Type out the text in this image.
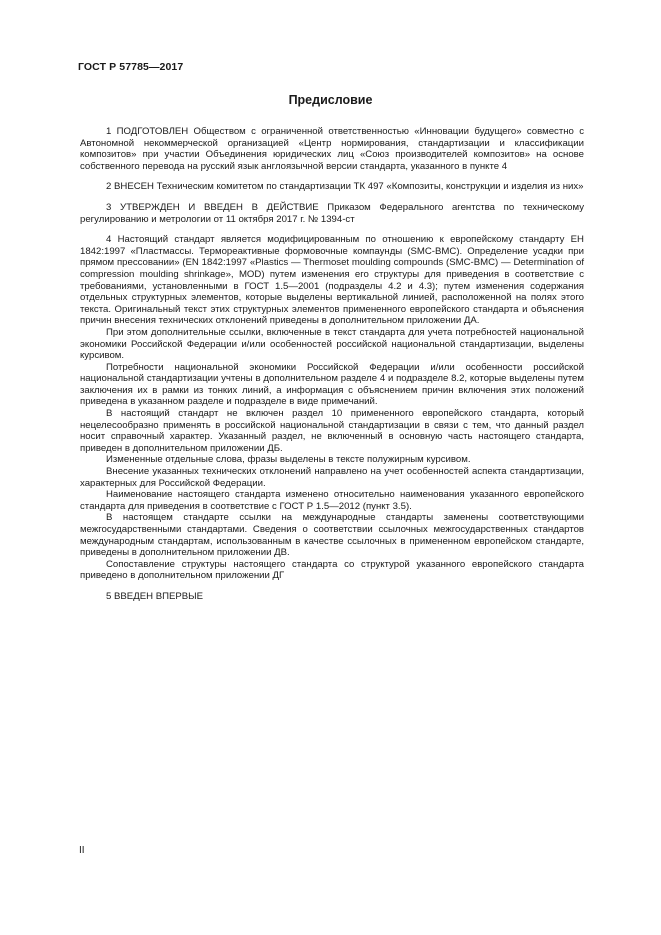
ГОСТ Р 57785—2017
Предисловие

1 ПОДГОТОВЛЕН Обществом с ограниченной ответственностью «Инновации будущего» совместно с Автономной некоммерческой организацией «Центр нормирования, стандартизации и классификации композитов» при участии Объединения юридических лиц «Союз производителей композитов» на основе собственного перевода на русский язык англоязычной версии стандарта, указанного в пункте 4

2 ВНЕСЕН Техническим комитетом по стандартизации ТК 497 «Композиты, конструкции и изделия из них»

3 УТВЕРЖДЕН И ВВЕДЕН В ДЕЙСТВИЕ Приказом Федерального агентства по техническому регулированию и метрологии от 11 октября 2017 г. № 1394-ст

4 Настоящий стандарт является модифицированным по отношению к европейскому стандарту ЕН 1842:1997 «Пластмассы. Термореактивные формовочные компаунды (SMC-BMC). Определение усадки при прямом прессовании» (EN 1842:1997 «Plastics — Thermoset moulding compounds (SMC-BMC) — Determination of compression moulding shrinkage», MOD) путем изменения его структуры для приведения в соответствие с требованиями, установленными в ГОСТ 1.5—2001 (подразделы 4.2 и 4.3); путем изменения содержания отдельных структурных элементов, которые выделены вертикальной линией, расположенной на полях этого текста. Оригинальный текст этих структурных элементов примененного европейского стандарта и объяснения причин внесения технических отклонений приведены в дополнительном приложении ДА.

При этом дополнительные ссылки, включенные в текст стандарта для учета потребностей национальной экономики Российской Федерации и/или особенностей российской национальной стандартизации, выделены курсивом.

Потребности национальной экономики Российской Федерации и/или особенности российской национальной стандартизации учтены в дополнительном разделе 4 и подразделе 8.2, которые выделены путем заключения их в рамки из тонких линий, а информация с объяснением причин включения этих положений приведена в указанном разделе и подразделе в виде примечаний.

В настоящий стандарт не включен раздел 10 примененного европейского стандарта, который нецелесообразно применять в российской национальной стандартизации в связи с тем, что данный раздел носит справочный характер. Указанный раздел, не включенный в основную часть настоящего стандарта, приведен в дополнительном приложении ДБ.

Измененные отдельные слова, фразы выделены в тексте полужирным курсивом.

Внесение указанных технических отклонений направлено на учет особенностей аспекта стандартизации, характерных для Российской Федерации.

Наименование настоящего стандарта изменено относительно наименования указанного европейского стандарта для приведения в соответствие с ГОСТ Р 1.5—2012 (пункт 3.5).

В настоящем стандарте ссылки на международные стандарты заменены соответствующими межгосударственными стандартами. Сведения о соответствии ссылочных межгосударственных стандартов международным стандартам, использованным в качестве ссылочных в примененном европейском стандарте, приведены в дополнительном приложении ДВ.

Сопоставление структуры настоящего стандарта со структурой указанного европейского стандарта приведено в дополнительном приложении ДГ

5 ВВЕДЕН ВПЕРВЫЕ

II
